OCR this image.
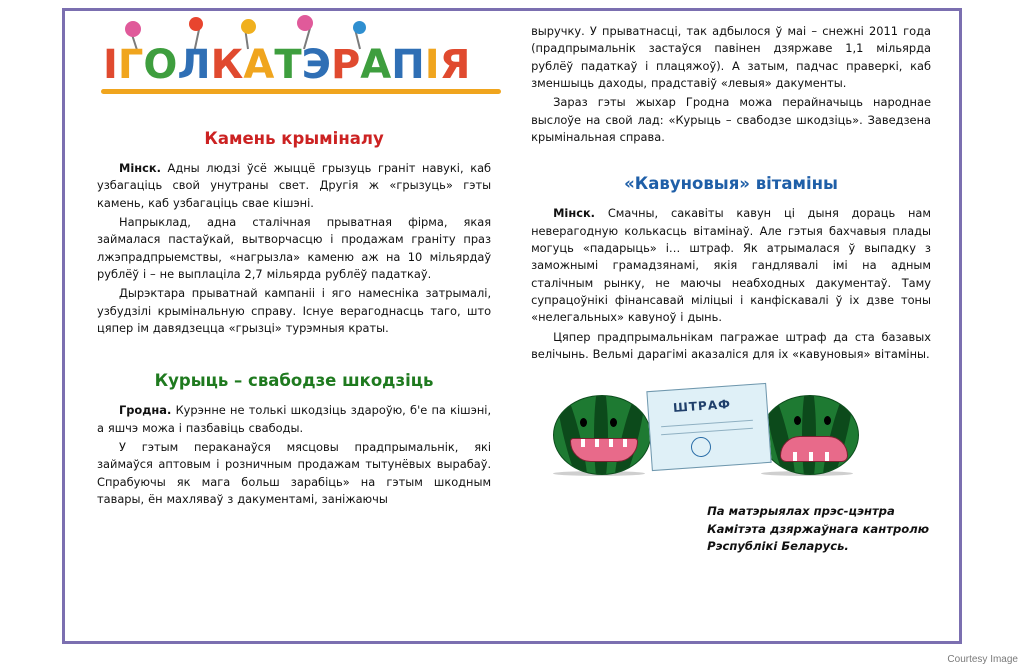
ІГОЛКАТЭРАПІЯ
Камень крыміналу

Мінск. Адны людзі ўсё жыццё грызуць граніт навукі, каб узбагаціць свой унутраны свет. Другія ж «грызуць» гэты камень, каб узбагаціць свае кішэні.

Напрыклад, адна сталічная прыватная фірма, якая займалася пастаўкай, вытворчасцю і продажам граніту праз лжэпрадпрыемствы, «нагрызла» каменю аж на 10 мільярдаў рублёў і – не выплаціла 2,7 мільярда рублёў падаткаў.

Дырэктара прыватнай кампаніі і яго намесніка затрымалі, узбудзілі крымінальную справу. Існуе верагоднасць таго, што цяпер ім давядзецца «грызці» турэмныя краты.

Курыць – свабодзе шкодзіць

Гродна. Курэнне не толькі шкодзіць здароўю, б'е па кішэні, а яшчэ можа і пазбавіць свабоды.

У гэтым пераканаўся мясцовы прадпрымальнік, які займаўся аптовым і розничным продажам тытунёвых вырабаў. Спрабуючы як мага больш зарабіць» на гэтым шкодным тавары, ён махляваў з дакументамі, занiжаючы

выручку. У прыватнасці, так адбылося ў маі – снежні 2011 года (прадпрымальнік застаўся павінен дзяржаве 1,1 мільярда рублёў падаткаў і плацяжоў). А затым, падчас праверкі, каб зменшыць даходы, прадставіў «левыя» дакументы.

Зараз гэты жыхар Гродна можа перайначыць народнае выслоўе на свой лад: «Курыць – свабодзе шкодзіць». Заведзена крымінальная справа.

«Кавуновыя» вітаміны

Мінск. Смачны, сакавіты кавун ці дыня дораць нам неверагодную колькасць вітамінаў. Але гэтыя бахчавыя плады могуць «падарыць» і… штраф. Як атрымалася ў выпадку з заможнымі грамадзянамі, якія гандлявалі імі на адным сталічным рынку, не маючы неабходных дакументаў. Таму супрацоўнікі фінансавай міліцыі і канфіскавалі ў іх дзве тоны «нелегальных» кавуноў і дынь.

Цяпер прадпрымальнікам пагражае штраф да ста базавых велічынь. Вельмі дарагімі аказаліся для іх «кавуновыя» вітаміны.

ШТРАФ
Па матэрыялах прэс-цэнтра
Камітэта дзяржаўнага кантролю
Рэспублікі Беларусь.
Courtesy Image
